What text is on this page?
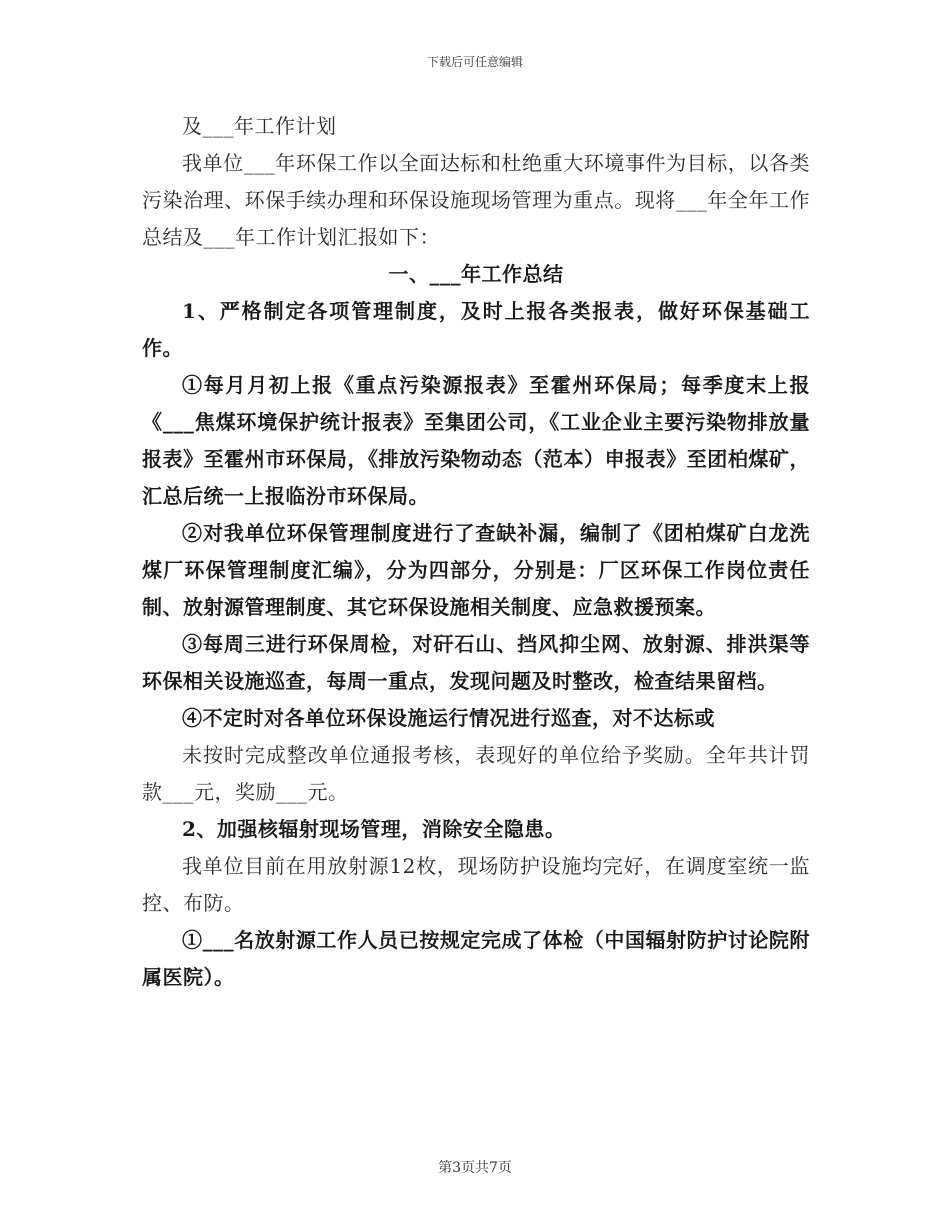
下载后可任意编辑

及___年工作计划

我单位___年环保工作以全面达标和杜绝重大环境事件为目标，以各类污染治理、环保手续办理和环保设施现场管理为重点。现将___年全年工作总结及___年工作计划汇报如下：

一、___年工作总结

1、严格制定各项管理制度，及时上报各类报表，做好环保基础工作。

①每月月初上报《重点污染源报表》至霍州环保局；每季度末上报《___焦煤环境保护统计报表》至集团公司，《工业企业主要污染物排放量报表》至霍州市环保局，《排放污染物动态（范本）申报表》至团柏煤矿，汇总后统一上报临汾市环保局。

②对我单位环保管理制度进行了查缺补漏，编制了《团柏煤矿白龙洗煤厂环保管理制度汇编》，分为四部分，分别是：厂区环保工作岗位责任制、放射源管理制度、其它环保设施相关制度、应急救援预案。

③每周三进行环保周检，对矸石山、挡风抑尘网、放射源、排洪渠等环保相关设施巡查，每周一重点，发现问题及时整改，检查结果留档。

④不定时对各单位环保设施运行情况进行巡查，对不达标或

未按时完成整改单位通报考核，表现好的单位给予奖励。全年共计罚款___元，奖励___元。

2、加强核辐射现场管理，消除安全隐患。

我单位目前在用放射源12枚，现场防护设施均完好，在调度室统一监控、布防。

①___名放射源工作人员已按规定完成了体检（中国辐射防护讨论院附属医院）。

第3页共7页
